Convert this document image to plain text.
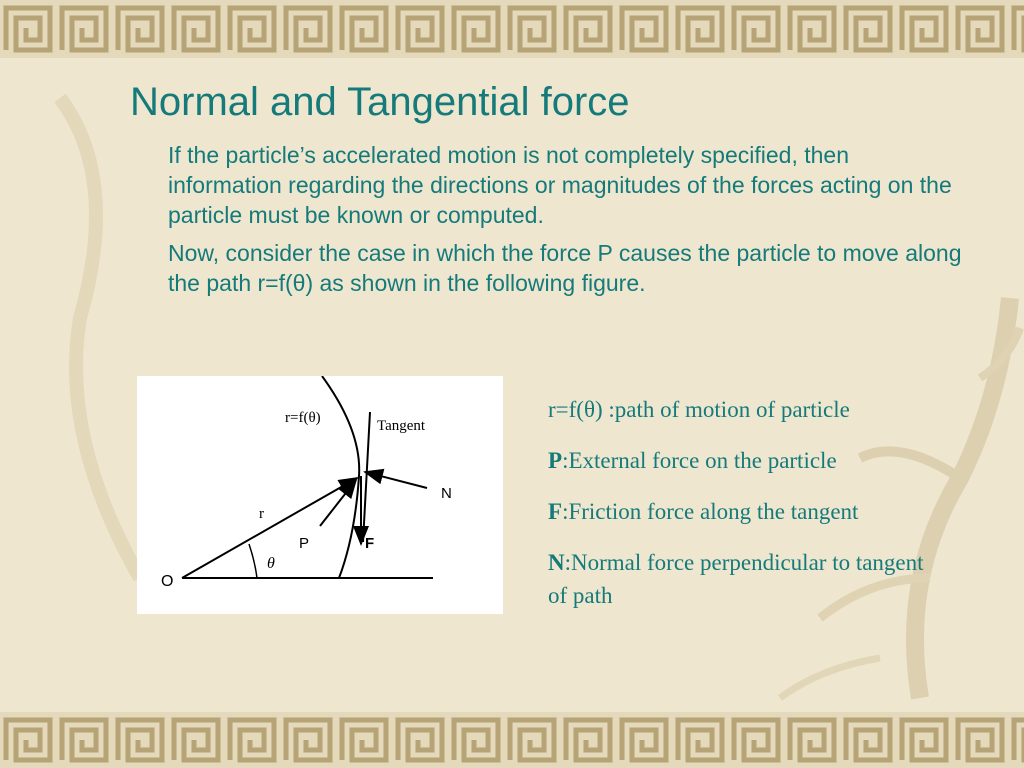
Normal and Tangential force
If the particle’s accelerated motion is not completely specified, then information regarding the directions or magnitudes of the forces acting on the particle must be known or computed.
Now, consider the case in which the force P causes the particle to move along the path r=f(θ) as shown in the following figure.
r=f(θ)	Tangent
O
r
θ
P	F
N
r=f(θ) :path of motion of particle
P:External force on the particle
F:Friction force along the tangent
N:Normal force perpendicular to tangent of path
